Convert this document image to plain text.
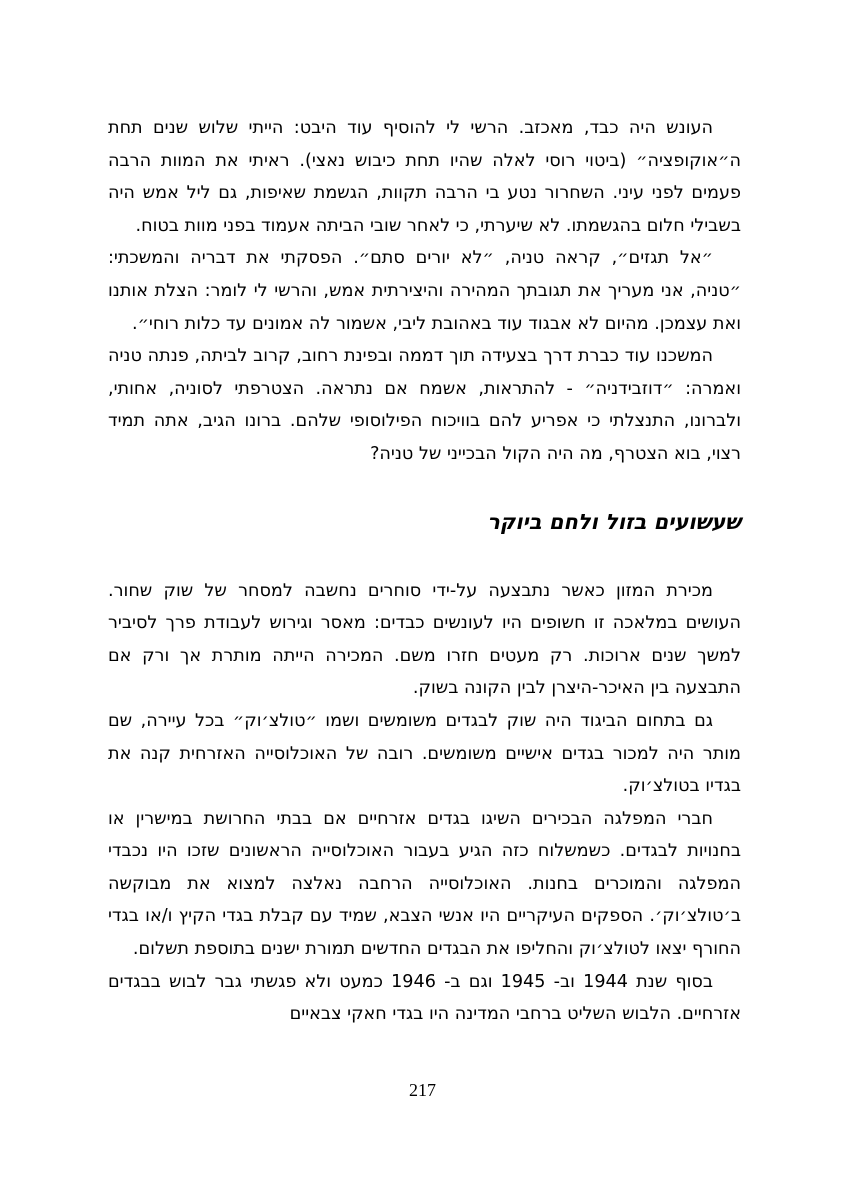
העונש היה כבד, מאכזב. הרשי לי להוסיף עוד היבט: הייתי שלוש שנים תחת ה״אוקופציה״ (ביטוי רוסי לאלה שהיו תחת כיבוש נאצי). ראיתי את המוות הרבה פעמים לפני עיני. השחרור נטע בי הרבה תקוות, הגשמת שאיפות, גם ליל אמש היה בשבילי חלום בהגשמתו. לא שיערתי, כי לאחר שובי הביתה אעמוד בפני מוות בטוח.

״אל תגזים״, קראה טניה, ״לא יורים סתם״. הפסקתי את דבריה והמשכתי: ״טניה, אני מעריך את תגובתך המהירה והיצירתית אמש, והרשי לי לומר: הצלת אותנו ואת עצמכן. מהיום לא אבגוד עוד באהובת ליבי, אשמור לה אמונים עד כלות רוחי״.

המשכנו עוד כברת דרך בצעידה תוך דממה ובפינת רחוב, קרוב לביתה, פנתה טניה ואמרה: ״דוזבידניה״ - להתראות, אשמח אם נתראה. הצטרפתי לסוניה, אחותי, ולברונו, התנצלתי כי אפריע להם בוויכוח הפילוסופי שלהם. ברונו הגיב, אתה תמיד רצוי, בוא הצטרף, מה היה הקול הבכייני של טניה?

שעשועים בזול ולחם ביוקר

מכירת המזון כאשר נתבצעה על-ידי סוחרים נחשבה למסחר של שוק שחור. העושים במלאכה זו חשופים היו לעונשים כבדים: מאסר וגירוש לעבודת פרך לסיביר למשך שנים ארוכות. רק מעטים חזרו משם. המכירה הייתה מותרת אך ורק אם התבצעה בין האיכר-היצרן לבין הקונה בשוק.

גם בתחום הביגוד היה שוק לבגדים משומשים ושמו ״טולצ׳וק״ בכל עיירה, שם מותר היה למכור בגדים אישיים משומשים. רובה של האוכלוסייה האזרחית קנה את בגדיו בטולצ׳וק.

חברי המפלגה הבכירים השיגו בגדים אזרחיים אם בבתי החרושת במישרין או בחנויות לבגדים. כשמשלוח כזה הגיע בעבור האוכלוסייה הראשונים שזכו היו נכבדי המפלגה והמוכרים בחנות. האוכלוסייה הרחבה נאלצה למצוא את מבוקשה ב׳טולצ׳וק׳. הספקים העיקריים היו אנשי הצבא, שמיד עם קבלת בגדי הקיץ ו/או בגדי החורף יצאו לטולצ׳וק והחליפו את הבגדים החדשים תמורת ישנים בתוספת תשלום.

בסוף שנת 1944 וב- 1945 וגם ב- 1946 כמעט ולא פגשתי גבר לבוש בבגדים אזרחיים. הלבוש השליט ברחבי המדינה היו בגדי חאקי צבאיים

217
